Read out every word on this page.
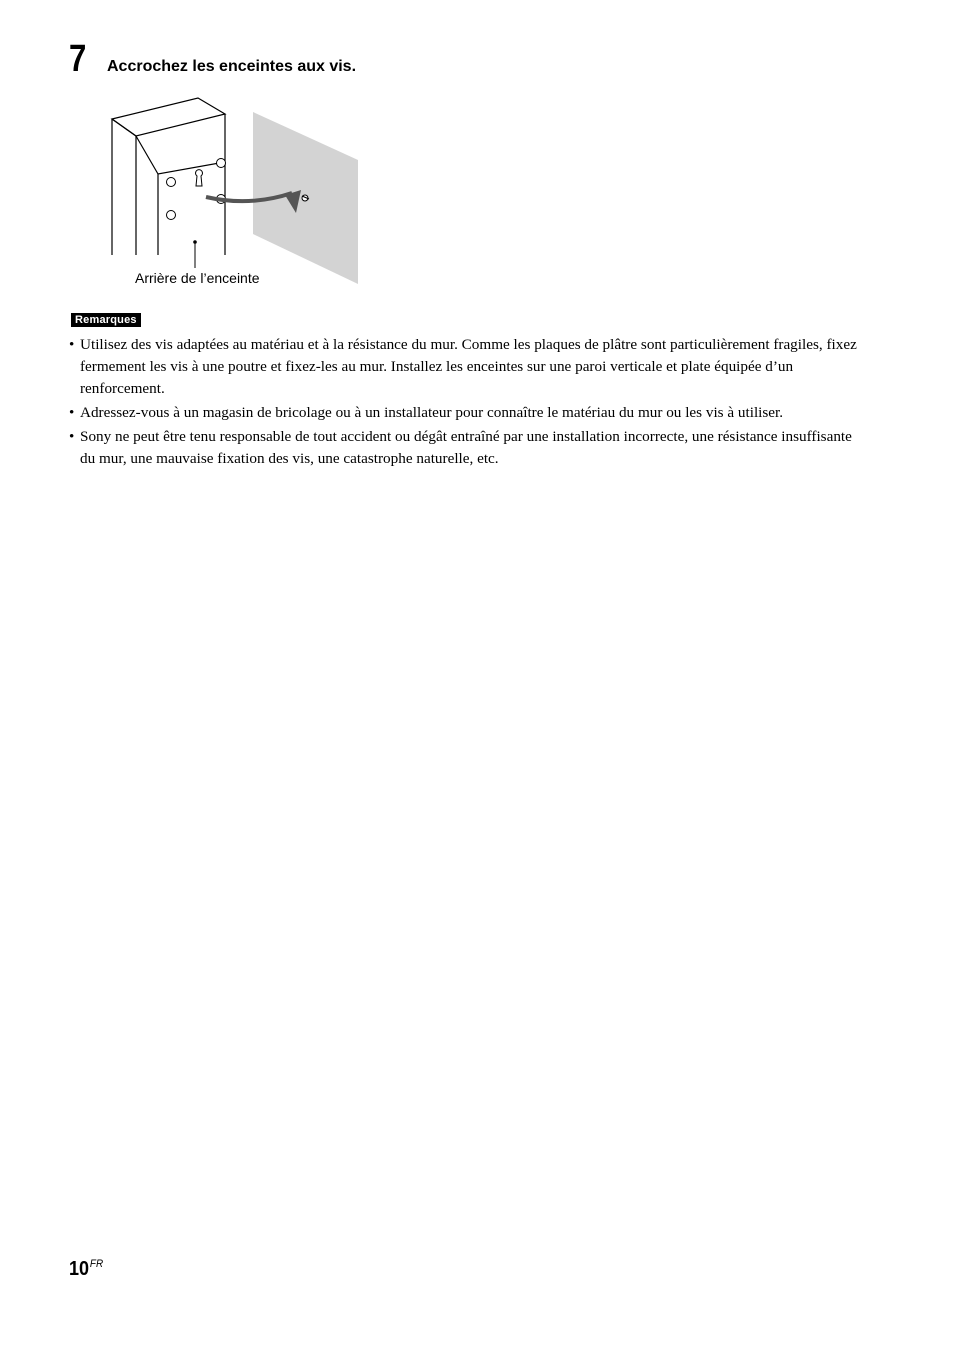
7	Accrochez les enceintes aux vis.
Arrière de l’enceinte
Remarques
• Utilisez des vis adaptées au matériau et à la résistance du mur. Comme les plaques de plâtre sont particulièrement fragiles, fixez fermement les vis à une poutre et fixez-les au mur. Installez les enceintes sur une paroi verticale et plate équipée d’un renforcement.
• Adressez-vous à un magasin de bricolage ou à un installateur pour connaître le matériau du mur ou les vis à utiliser.
• Sony ne peut être tenu responsable de tout accident ou dégât entraîné par une installation incorrecte, une résistance insuffisante du mur, une mauvaise fixation des vis, une catastrophe naturelle, etc.
$10^{FR}$
